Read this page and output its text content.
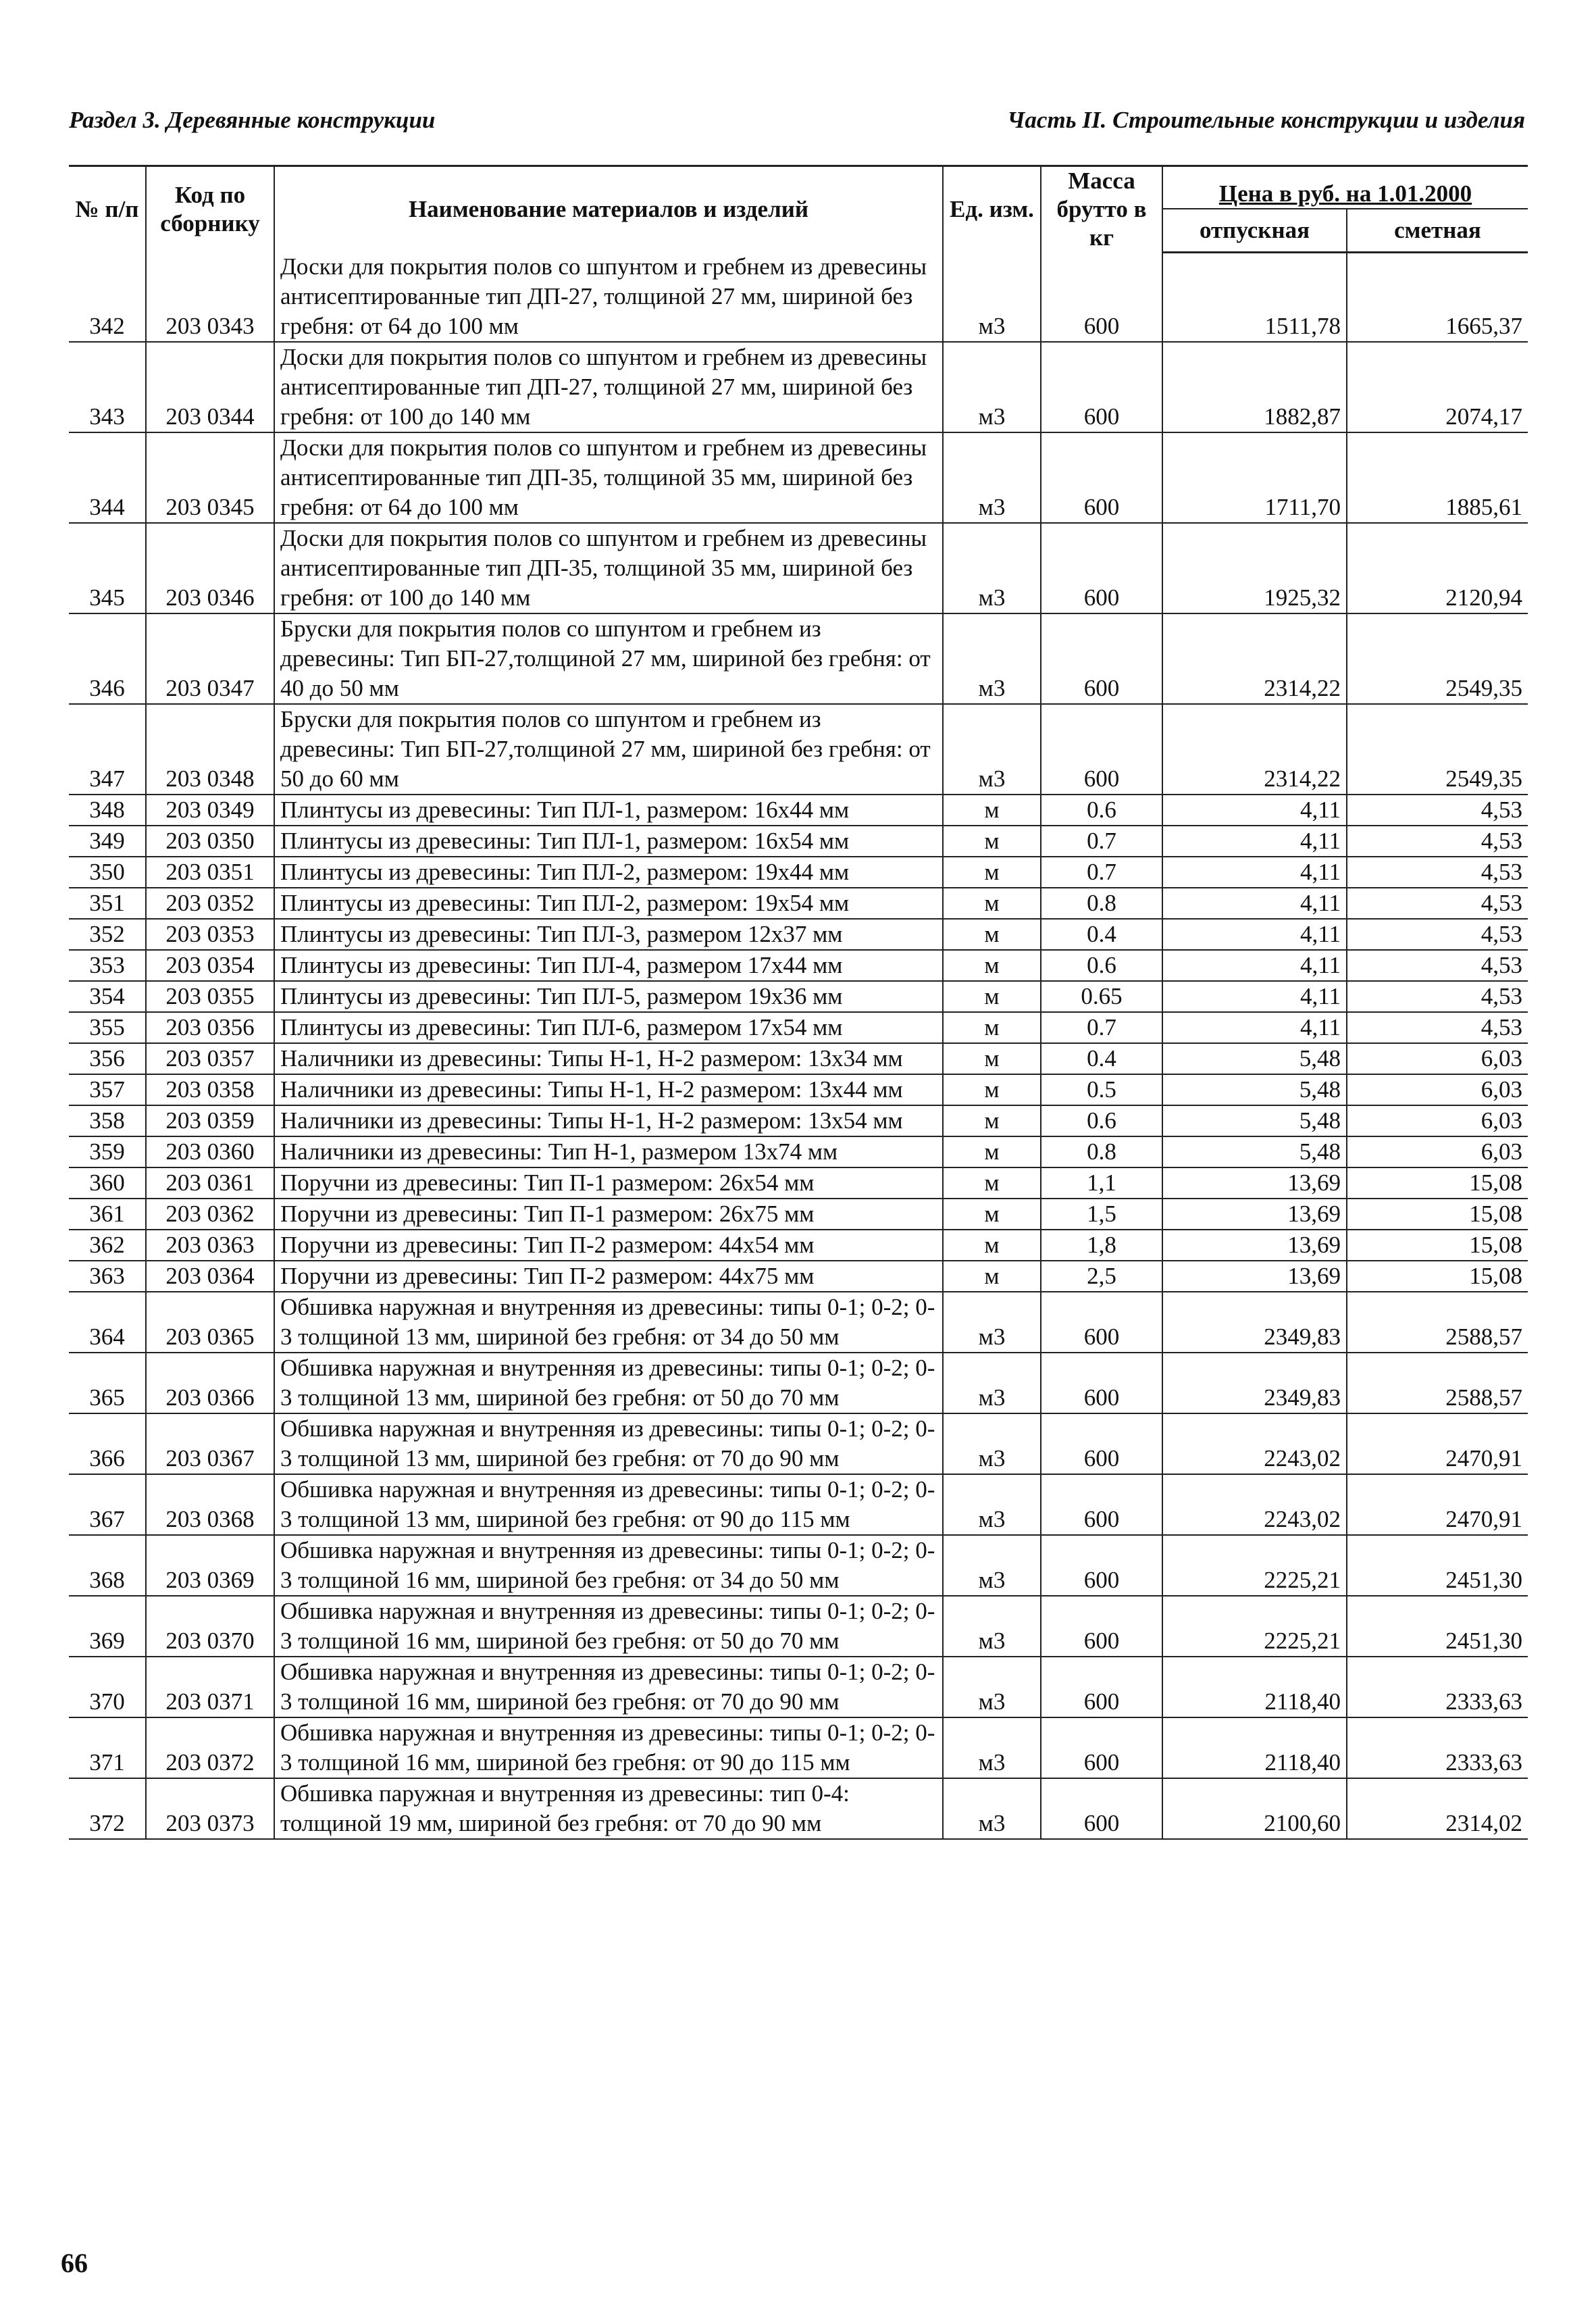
Раздел 3. Деревянные конструкции	Часть II. Строительные конструкции и изделия
№ п/п	Код по сборнику	Наименование материалов и изделий	Ед. изм.	Масса брутто в кг	Цена в руб. на 1.01.2000	
					отпускная	сметная
342	203 0343	Доски для покрытия полов со шпунтом и гребнем из древесины антисептированные тип ДП-27, толщиной 27 мм, шириной без гребня: от 64 до 100 мм	м3	600	1511,78	1665,37
343	203 0344	Доски для покрытия полов со шпунтом и гребнем из древесины антисептированные тип ДП-27, толщиной 27 мм, шириной без гребня: от 100 до 140 мм	м3	600	1882,87	2074,17
344	203 0345	Доски для покрытия полов со шпунтом и гребнем из древесины антисептированные тип ДП-35, толщиной 35 мм, шириной без гребня: от 64 до 100 мм	м3	600	1711,70	1885,61
345	203 0346	Доски для покрытия полов со шпунтом и гребнем из древесины антисептированные тип ДП-35, толщиной 35 мм, шириной без гребня: от 100 до 140 мм	м3	600	1925,32	2120,94
346	203 0347	Бруски для покрытия полов со шпунтом и гребнем из древесины: Тип БП-27,толщиной 27 мм, шириной без гребня: от 40 до 50 мм	м3	600	2314,22	2549,35
347	203 0348	Бруски для покрытия полов со шпунтом и гребнем из древесины: Тип БП-27,толщиной 27 мм, шириной без гребня: от 50 до 60 мм	м3	600	2314,22	2549,35
348	203 0349	Плинтусы из древесины: Тип ПЛ-1, размером: 16х44 мм	м	0.6	4,11	4,53
349	203 0350	Плинтусы из древесины: Тип ПЛ-1, размером: 16х54 мм	м	0.7	4,11	4,53
350	203 0351	Плинтусы из древесины: Тип ПЛ-2, размером: 19х44 мм	м	0.7	4,11	4,53
351	203 0352	Плинтусы из древесины: Тип ПЛ-2, размером: 19х54 мм	м	0.8	4,11	4,53
352	203 0353	Плинтусы из древесины: Тип ПЛ-3, размером 12х37 мм	м	0.4	4,11	4,53
353	203 0354	Плинтусы из древесины: Тип ПЛ-4, размером 17х44 мм	м	0.6	4,11	4,53
354	203 0355	Плинтусы из древесины: Тип ПЛ-5, размером 19х36 мм	м	0.65	4,11	4,53
355	203 0356	Плинтусы из древесины: Тип ПЛ-6, размером 17х54 мм	м	0.7	4,11	4,53
356	203 0357	Наличники из древесины: Типы Н-1, Н-2 размером: 13х34 мм	м	0.4	5,48	6,03
357	203 0358	Наличники из древесины: Типы Н-1, Н-2 размером: 13х44 мм	м	0.5	5,48	6,03
358	203 0359	Наличники из древесины: Типы Н-1, Н-2 размером: 13х54 мм	м	0.6	5,48	6,03
359	203 0360	Наличники из древесины: Тип Н-1, размером 13х74 мм	м	0.8	5,48	6,03
360	203 0361	Поручни из древесины: Тип П-1 размером: 26х54 мм	м	1,1	13,69	15,08
361	203 0362	Поручни из древесины: Тип П-1 размером: 26х75 мм	м	1,5	13,69	15,08
362	203 0363	Поручни из древесины: Тип П-2 размером: 44х54 мм	м	1,8	13,69	15,08
363	203 0364	Поручни из древесины: Тип П-2 размером: 44х75 мм	м	2,5	13,69	15,08
364	203 0365	Обшивка наружная и внутренняя из древесины: типы 0-1; 0-2; 0-3 толщиной 13 мм, шириной без гребня: от 34 до 50 мм	м3	600	2349,83	2588,57
365	203 0366	Обшивка наружная и внутренняя из древесины: типы 0-1; 0-2; 0-3 толщиной 13 мм, шириной без гребня: от 50 до 70 мм	м3	600	2349,83	2588,57
366	203 0367	Обшивка наружная и внутренняя из древесины: типы 0-1; 0-2; 0-3 толщиной 13 мм, шириной без гребня: от 70 до 90 мм	м3	600	2243,02	2470,91
367	203 0368	Обшивка наружная и внутренняя из древесины: типы 0-1; 0-2; 0-3 толщиной 13 мм, шириной без гребня: от 90 до 115 мм	м3	600	2243,02	2470,91
368	203 0369	Обшивка наружная и внутренняя из древесины: типы 0-1; 0-2; 0-3 толщиной 16 мм, шириной без гребня: от 34 до 50 мм	м3	600	2225,21	2451,30
369	203 0370	Обшивка наружная и внутренняя из древесины: типы 0-1; 0-2; 0-3 толщиной 16 мм, шириной без гребня: от 50 до 70 мм	м3	600	2225,21	2451,30
370	203 0371	Обшивка наружная и внутренняя из древесины: типы 0-1; 0-2; 0-3 толщиной 16 мм, шириной без гребня: от 70 до 90 мм	м3	600	2118,40	2333,63
371	203 0372	Обшивка наружная и внутренняя из древесины: типы 0-1; 0-2; 0-3 толщиной 16 мм, шириной без гребня: от 90 до 115 мм	м3	600	2118,40	2333,63
372	203 0373	Обшивка паружная и внутренняя из древесины: тип 0-4: толщиной 19 мм, шириной без гребня: от 70 до 90 мм	м3	600	2100,60	2314,02
66
